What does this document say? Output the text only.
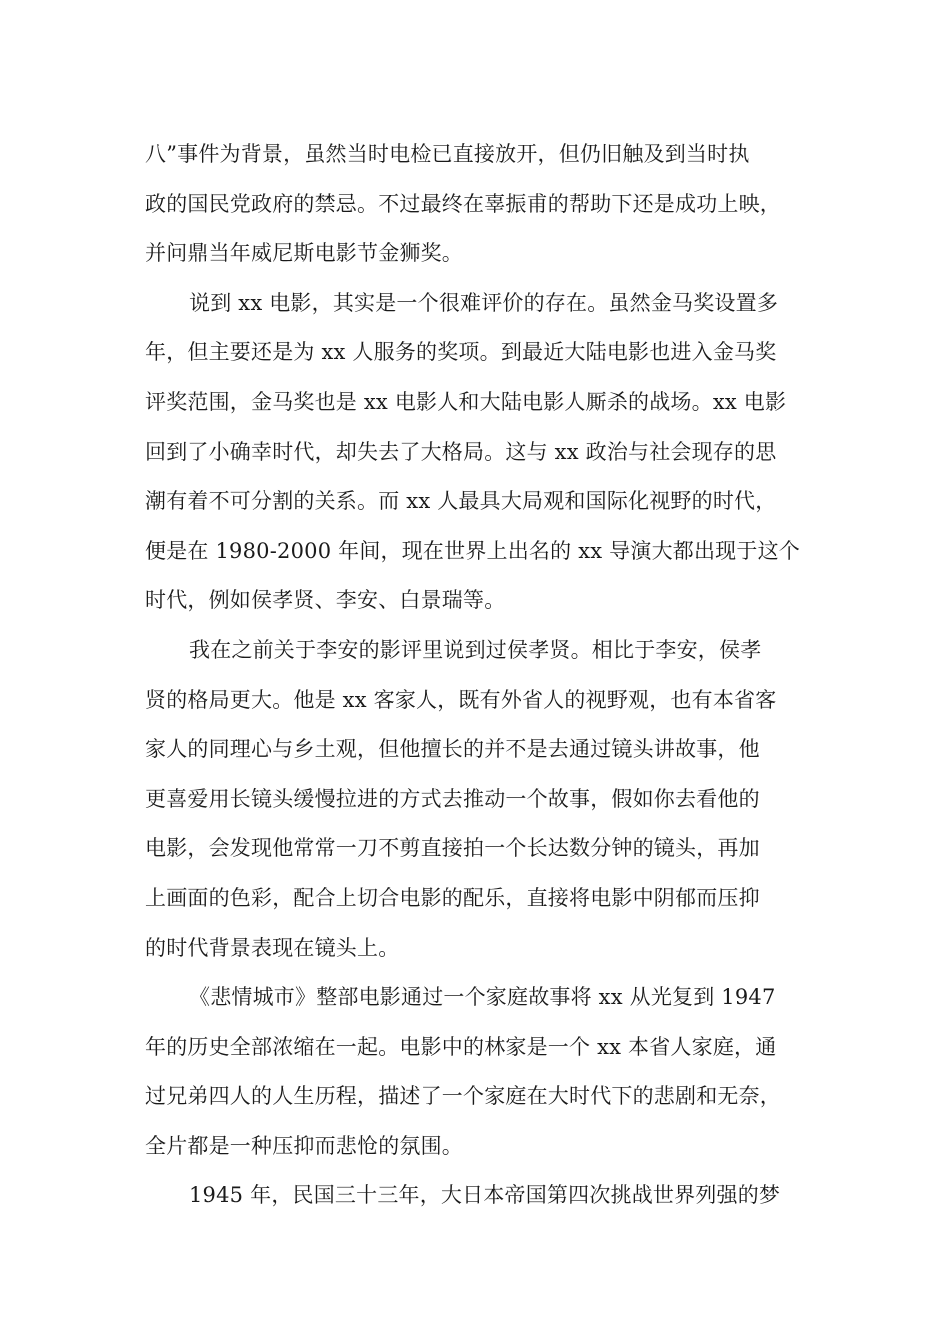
八”事件为背景，虽然当时电检已直接放开，但仍旧触及到当时执
政的国民党政府的禁忌。不过最终在辜振甫的帮助下还是成功上映，
并问鼎当年威尼斯电影节金狮奖。

说到 xx 电影，其实是一个很难评价的存在。虽然金马奖设置多
年，但主要还是为 xx 人服务的奖项。到最近大陆电影也进入金马奖
评奖范围，金马奖也是 xx 电影人和大陆电影人厮杀的战场。xx 电影
回到了小确幸时代，却失去了大格局。这与 xx 政治与社会现存的思
潮有着不可分割的关系。而 xx 人最具大局观和国际化视野的时代，
便是在 1980-2000 年间，现在世界上出名的 xx 导演大都出现于这个
时代，例如侯孝贤、李安、白景瑞等。

我在之前关于李安的影评里说到过侯孝贤。相比于李安，侯孝
贤的格局更大。他是 xx 客家人，既有外省人的视野观，也有本省客
家人的同理心与乡土观，但他擅长的并不是去通过镜头讲故事，他
更喜爱用长镜头缓慢拉进的方式去推动一个故事，假如你去看他的
电影，会发现他常常一刀不剪直接拍一个长达数分钟的镜头，再加
上画面的色彩，配合上切合电影的配乐，直接将电影中阴郁而压抑
的时代背景表现在镜头上。

《悲情城市》整部电影通过一个家庭故事将 xx 从光复到 1947
年的历史全部浓缩在一起。电影中的林家是一个 xx 本省人家庭，通
过兄弟四人的人生历程，描述了一个家庭在大时代下的悲剧和无奈，
全片都是一种压抑而悲怆的氛围。

1945 年，民国三十三年，大日本帝国第四次挑战世界列强的梦
